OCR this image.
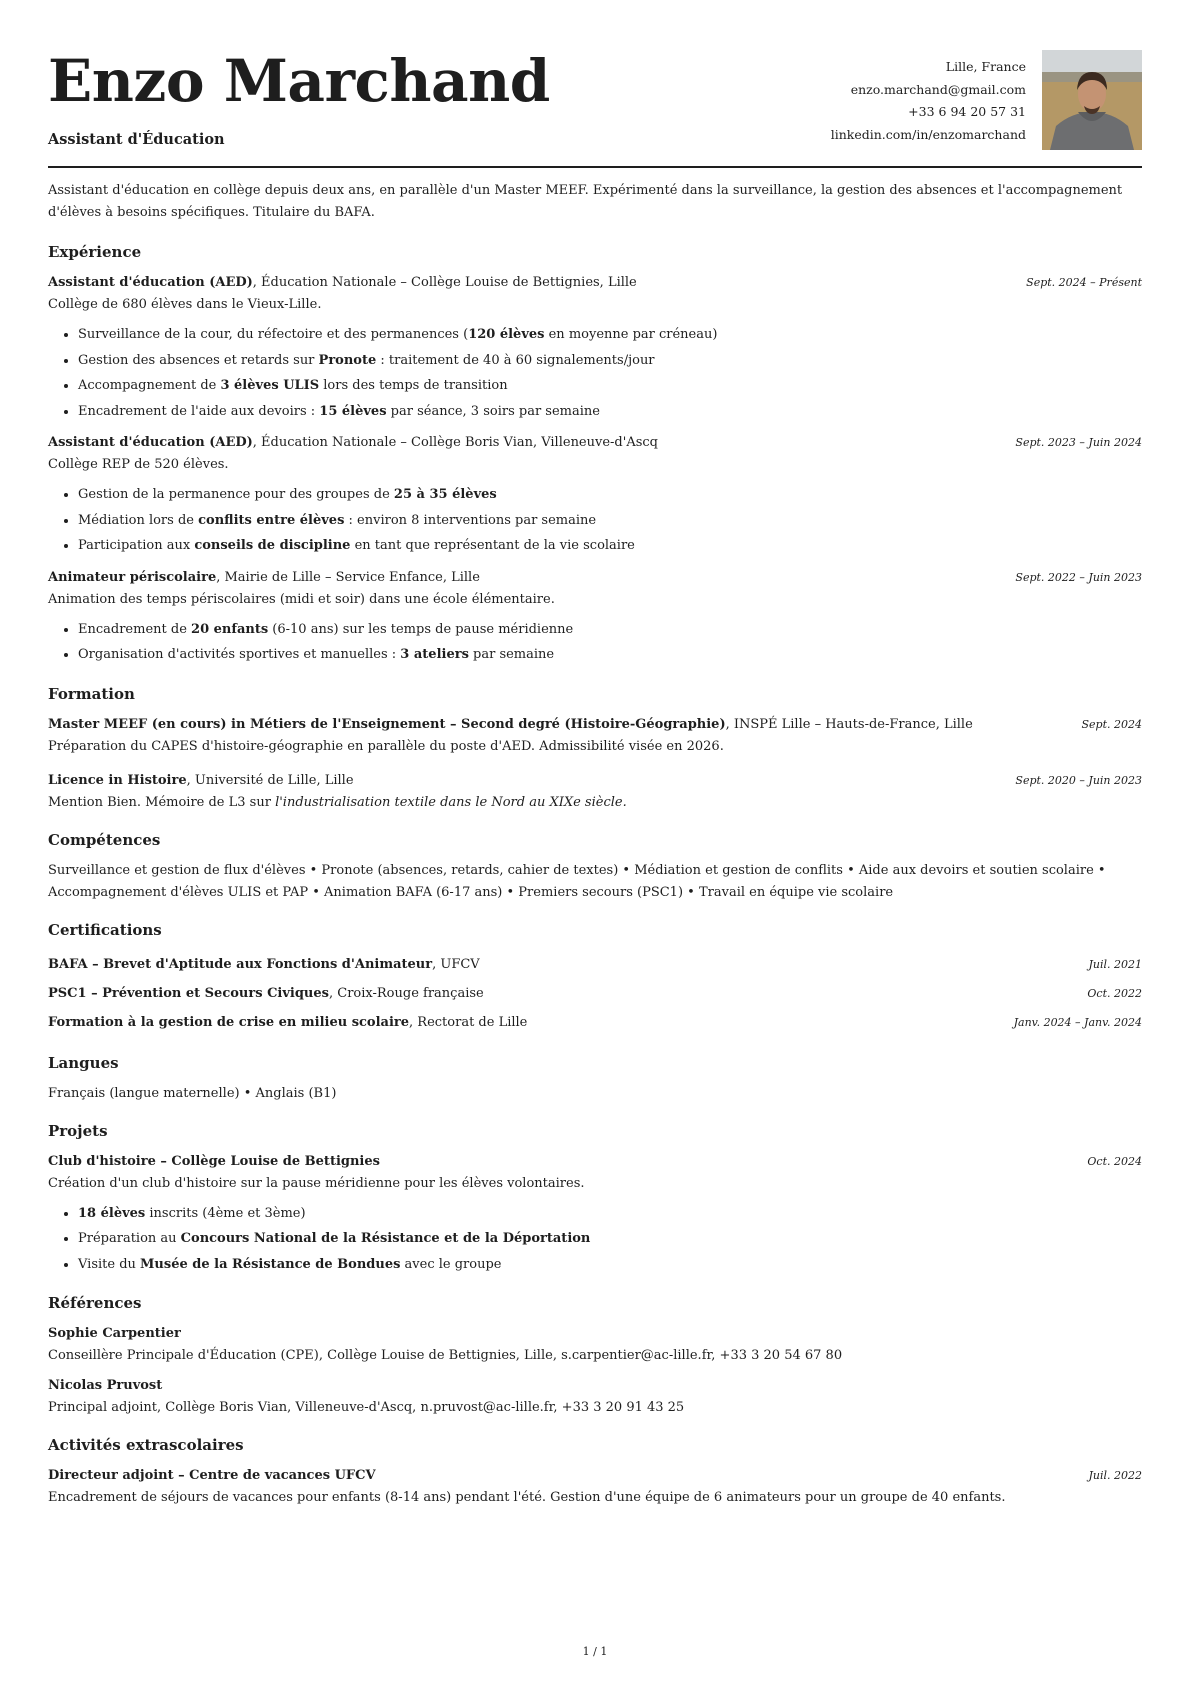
Enzo Marchand
Assistant d'Éducation
Lille, France
enzo.marchand@gmail.com
+33 6 94 20 57 31
linkedin.com/in/enzomarchand

Assistant d'éducation en collège depuis deux ans, en parallèle d'un Master MEEF. Expérimenté dans la surveillance, la gestion des absences et l'accompagnement d'élèves à besoins spécifiques. Titulaire du BAFA.

Expérience
Assistant d'éducation (AED), Éducation Nationale – Collège Louise de Bettignies, Lille	Sept. 2024 – Présent
Collège de 680 élèves dans le Vieux-Lille.
• Surveillance de la cour, du réfectoire et des permanences (120 élèves en moyenne par créneau)
• Gestion des absences et retards sur Pronote : traitement de 40 à 60 signalements/jour
• Accompagnement de 3 élèves ULIS lors des temps de transition
• Encadrement de l'aide aux devoirs : 15 élèves par séance, 3 soirs par semaine
Assistant d'éducation (AED), Éducation Nationale – Collège Boris Vian, Villeneuve-d'Ascq	Sept. 2023 – Juin 2024
Collège REP de 520 élèves.
• Gestion de la permanence pour des groupes de 25 à 35 élèves
• Médiation lors de conflits entre élèves : environ 8 interventions par semaine
• Participation aux conseils de discipline en tant que représentant de la vie scolaire
Animateur périscolaire, Mairie de Lille – Service Enfance, Lille	Sept. 2022 – Juin 2023
Animation des temps périscolaires (midi et soir) dans une école élémentaire.
• Encadrement de 20 enfants (6-10 ans) sur les temps de pause méridienne
• Organisation d'activités sportives et manuelles : 3 ateliers par semaine
Formation
Master MEEF (en cours) in Métiers de l'Enseignement – Second degré (Histoire-Géographie), INSPÉ Lille – Hauts-de-France, Lille	Sept. 2024
Préparation du CAPES d'histoire-géographie en parallèle du poste d'AED. Admissibilité visée en 2026.
Licence in Histoire, Université de Lille, Lille	Sept. 2020 – Juin 2023
Mention Bien. Mémoire de L3 sur l'industrialisation textile dans le Nord au XIXe siècle.
Compétences
Surveillance et gestion de flux d'élèves • Pronote (absences, retards, cahier de textes) • Médiation et gestion de conflits • Aide aux devoirs et soutien scolaire • Accompagnement d'élèves ULIS et PAP • Animation BAFA (6-17 ans) • Premiers secours (PSC1) • Travail en équipe vie scolaire
Certifications
BAFA – Brevet d'Aptitude aux Fonctions d'Animateur, UFCV	Juil. 2021
PSC1 – Prévention et Secours Civiques, Croix-Rouge française	Oct. 2022
Formation à la gestion de crise en milieu scolaire, Rectorat de Lille	Janv. 2024 – Janv. 2024
Langues
Français (langue maternelle) • Anglais (B1)
Projets
Club d'histoire – Collège Louise de Bettignies	Oct. 2024
Création d'un club d'histoire sur la pause méridienne pour les élèves volontaires.
• 18 élèves inscrits (4ème et 3ème)
• Préparation au Concours National de la Résistance et de la Déportation
• Visite du Musée de la Résistance de Bondues avec le groupe
Références
Sophie Carpentier
Conseillère Principale d'Éducation (CPE), Collège Louise de Bettignies, Lille, s.carpentier@ac-lille.fr, +33 3 20 54 67 80
Nicolas Pruvost
Principal adjoint, Collège Boris Vian, Villeneuve-d'Ascq, n.pruvost@ac-lille.fr, +33 3 20 91 43 25
Activités extrascolaires
Directeur adjoint – Centre de vacances UFCV	Juil. 2022
Encadrement de séjours de vacances pour enfants (8-14 ans) pendant l'été. Gestion d'une équipe de 6 animateurs pour un groupe de 40 enfants.
1 / 1
